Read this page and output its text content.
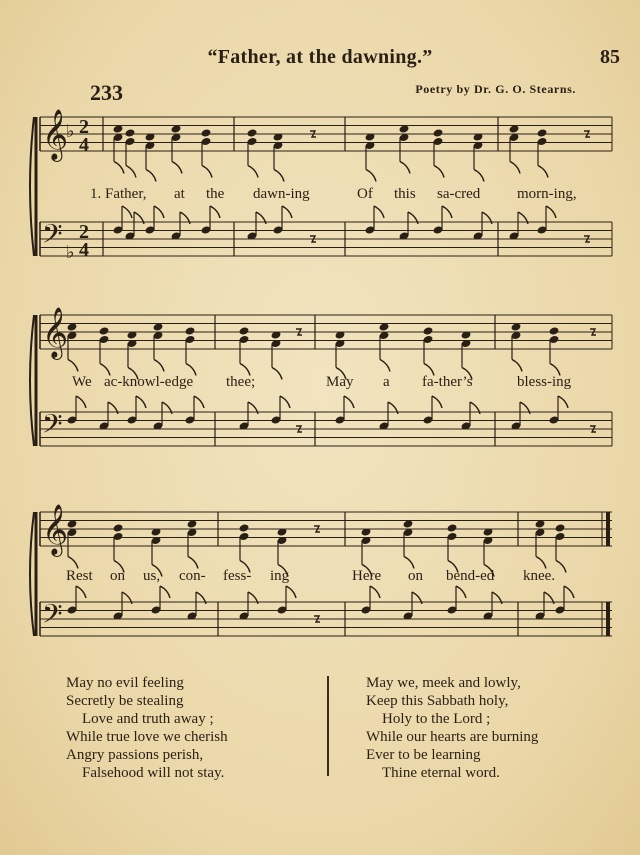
“Father, at the dawning.”	85
233	Poetry by Dr. G. O. Stearns.
𝄞
𝄢
𝄞
𝄢
𝄞
𝄢
♭ 2
4
♭
2
4
1. Father, at the dawn-ing	Of this sa-cred morn-ing,
We ac-knowl-edge thee;	May a fa-ther’s	bless-ing
Rest on us, con- fess- ing	Here on bend-ed knee.
May no evil feeling
Secretly be stealing
Love and truth away ;
While true love we cherish
Angry passions perish,
Falsehood will not stay.
May we, meek and lowly,
Keep this Sabbath holy,
Holy to the Lord ;
While our hearts are burning
Ever to be learning
Thine eternal word.
